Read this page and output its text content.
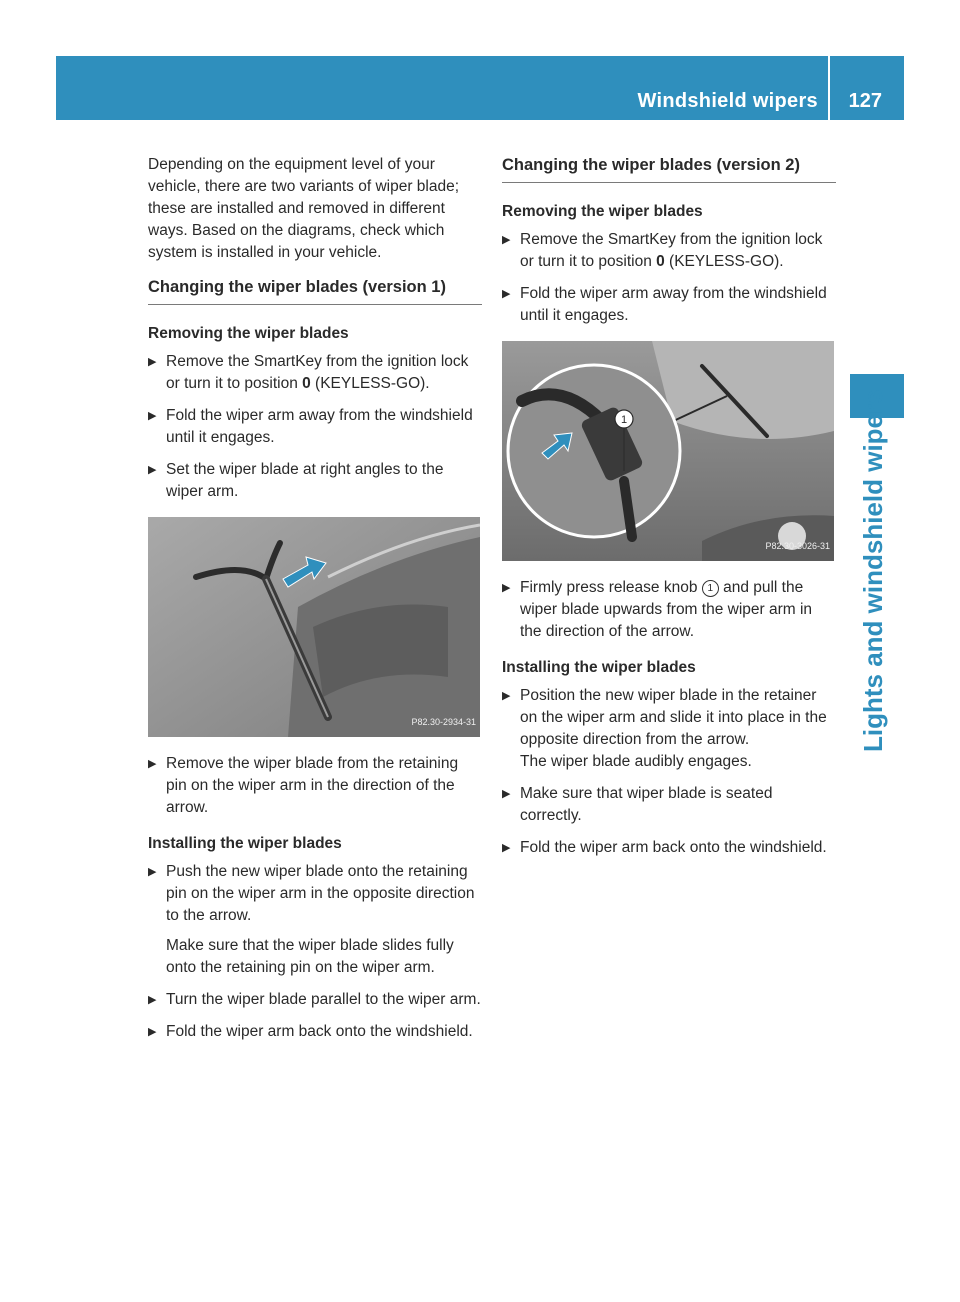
Windshield wipers 127
Lights and windshield wipers

Depending on the equipment level of your vehicle, there are two variants of wiper blade; these are installed and removed in different ways. Based on the diagrams, check which system is installed in your vehicle.

Changing the wiper blades (version 1)
Removing the wiper blades
▶ Remove the SmartKey from the ignition lock or turn it to position 0 (KEYLESS-GO).
▶ Fold the wiper arm away from the windshield until it engages.
▶ Set the wiper blade at right angles to the wiper arm.
P82.30-2934-31
▶ Remove the wiper blade from the retaining pin on the wiper arm in the direction of the arrow.
Installing the wiper blades
▶ Push the new wiper blade onto the retaining pin on the wiper arm in the opposite direction to the arrow.
Make sure that the wiper blade slides fully onto the retaining pin on the wiper arm.
▶ Turn the wiper blade parallel to the wiper arm.
▶ Fold the wiper arm back onto the windshield.
Changing the wiper blades (version 2)
Removing the wiper blades
▶ Remove the SmartKey from the ignition lock or turn it to position 0 (KEYLESS-GO).
▶ Fold the wiper arm away from the windshield until it engages.
1
P82.30-3026-31
▶ Firmly press release knob 1 and pull the wiper blade upwards from the wiper arm in the direction of the arrow.
Installing the wiper blades
▶ Position the new wiper blade in the retainer on the wiper arm and slide it into place in the opposite direction from the arrow.
The wiper blade audibly engages.
▶ Make sure that wiper blade is seated correctly.
▶ Fold the wiper arm back onto the windshield.
